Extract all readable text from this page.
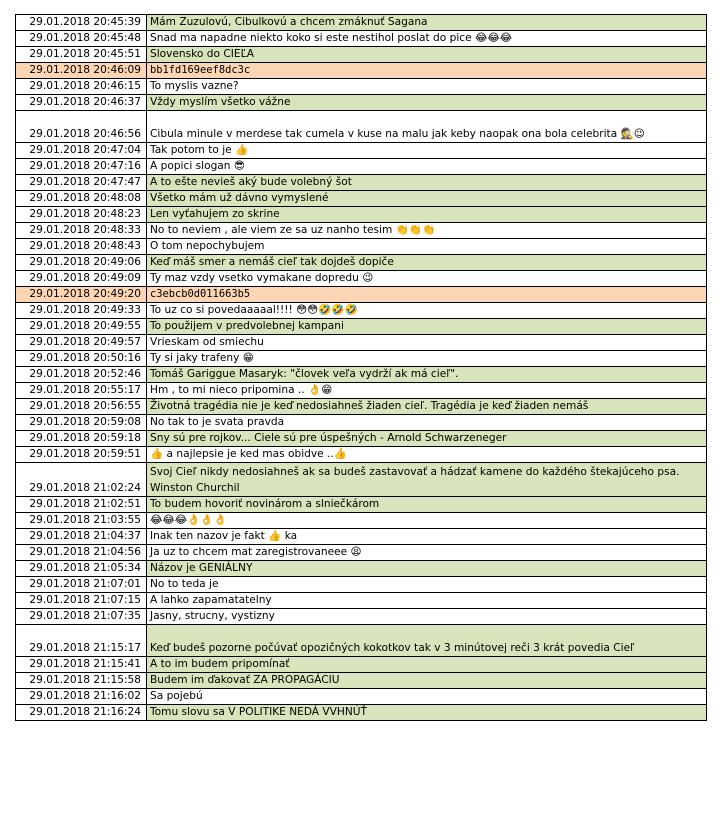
29.01.2018 20:45:39	Mám Zuzulovú, Cibulkovú a chcem zmáknuť Sagana
29.01.2018 20:45:48	Snad ma napadne niekto koko si este nestihol poslat do pice 😂😂😂
29.01.2018 20:45:51	Slovensko do CIEĽA
29.01.2018 20:46:09	bb1fd169eef8dc3c
29.01.2018 20:46:15	To myslis vazne?
29.01.2018 20:46:37	Vždy myslím všetko vážne
29.01.2018 20:46:56	Cibula minule v merdese tak cumela v kuse na malu jak keby naopak ona bola celebrita 🕵😉
29.01.2018 20:47:04	Tak potom to je 👍
29.01.2018 20:47:16	A popici slogan 😎
29.01.2018 20:47:47	A to ešte nevieš aký bude volebný šot
29.01.2018 20:48:08	Všetko mám už dávno vymyslené
29.01.2018 20:48:23	Len vyťahujem zo skrine
29.01.2018 20:48:33	No to neviem , ale viem ze sa uz nanho tesim 👏👏👏
29.01.2018 20:48:43	O tom nepochybujem
29.01.2018 20:49:06	Keď máš smer a nemáš cieľ tak dojdeš dopiče
29.01.2018 20:49:09	Ty maz vzdy vsetko vymakane dopredu 😉
29.01.2018 20:49:20	c3ebcb0d011663b5
29.01.2018 20:49:33	To uz co si povedaaaaal!!!! 😳😳🤣🤣🤣
29.01.2018 20:49:55	To použijem v predvolebnej kampani
29.01.2018 20:49:57	Vrieskam od smiechu
29.01.2018 20:50:16	Ty si jaky trafeny 😁
29.01.2018 20:52:46	Tomáš Gariggue Masaryk: "človek veľa vydrží ak má cieľ".
29.01.2018 20:55:17	Hm , to mi nieco pripomina .. 👌😁
29.01.2018 20:56:55	Životná tragédia nie je keď nedosiahneš žiaden cieľ. Tragédia je keď žiaden nemáš
29.01.2018 20:59:08	No tak to je svata pravda
29.01.2018 20:59:18	Sny sú pre rojkov... Ciele sú pre úspešných - Arnold Schwarzeneger
29.01.2018 20:59:51	👍 a najlepsie je ked mas obidve ..👍
29.01.2018 21:02:24	Svoj Cieľ nikdy nedosiahneš ak sa budeš zastavovať a hádzať kamene do každého štekajúceho psa. Winston Churchil
29.01.2018 21:02:51	To budem hovoriť novinárom a slniečkárom
29.01.2018 21:03:55	😂😂😂👌👌👌
29.01.2018 21:04:37	Inak ten nazov je fakt 👍 ka
29.01.2018 21:04:56	Ja uz to chcem mat zaregistrovaneee 😫
29.01.2018 21:05:34	Názov je GENIÁLNY
29.01.2018 21:07:01	No to teda je
29.01.2018 21:07:15	A lahko zapamatatelny
29.01.2018 21:07:35	Jasny, strucny, vystizny
29.01.2018 21:15:17	Keď budeš pozorne počúvať opozičných kokotkov tak v 3 minútovej reči 3 krát povedia Cieľ
29.01.2018 21:15:41	A to im budem pripomínať
29.01.2018 21:15:58	Budem im ďakovať ZA PROPAGÁCIU
29.01.2018 21:16:02	Sa pojebú
29.01.2018 21:16:24	Tomu slovu sa V POLITIKE NEDÁ VVHNÚŤ
